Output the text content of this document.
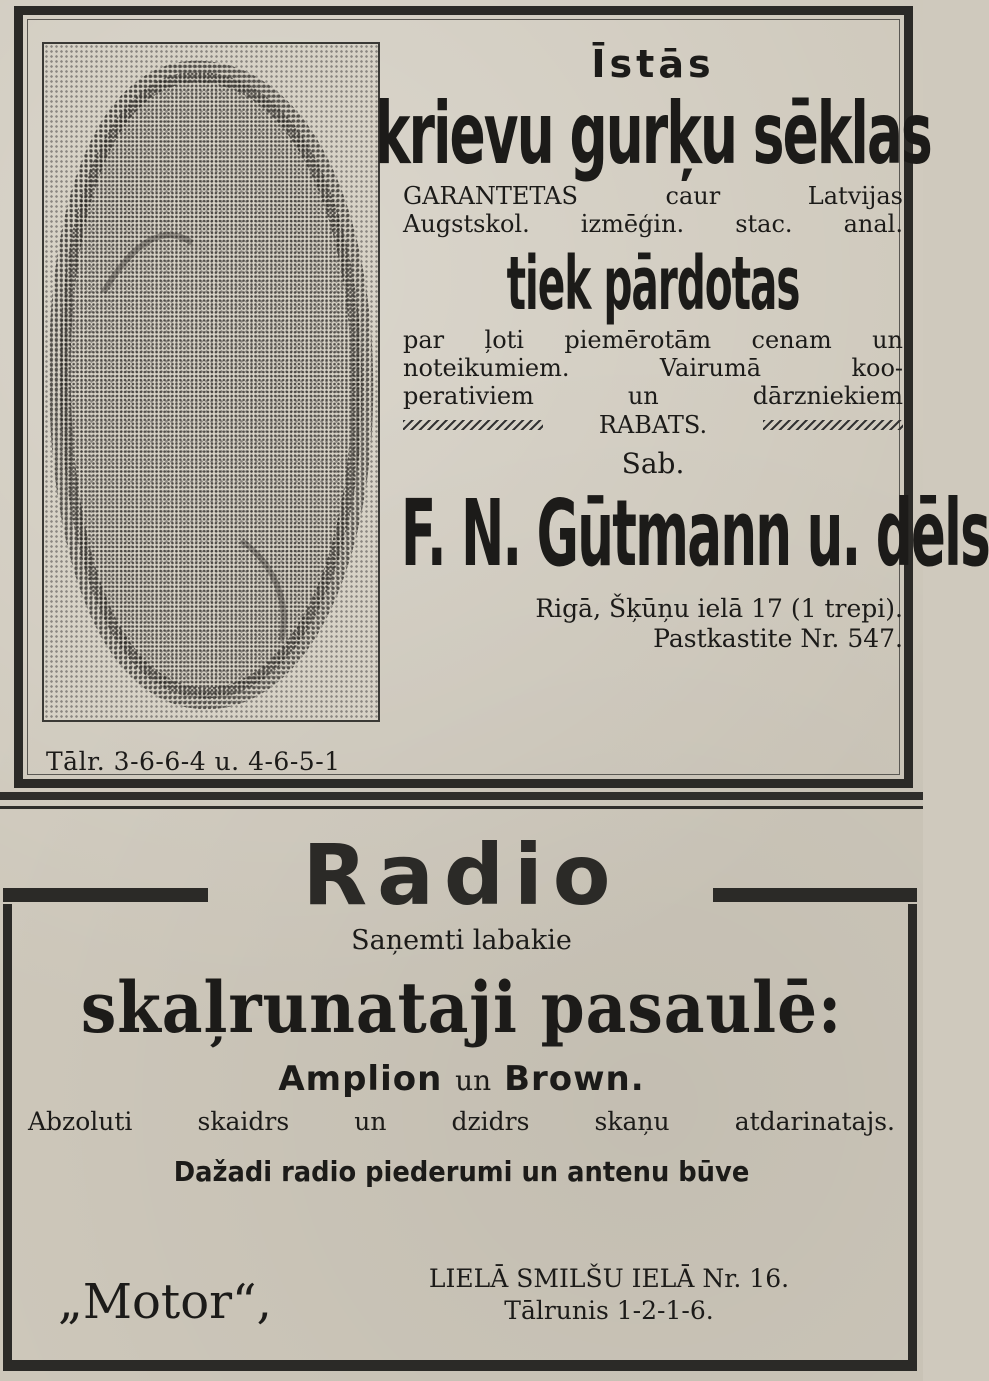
Tālr. 3-6-6-4 u. 4-6-5-1
Īstās
krievu gurķu sēklas
GARANTETAS caur Latvijas
Augstskol. izmēģin. stac. anal.
tiek pārdotas
par ļoti piemērotām cenam un
noteikumiem. Vairumā koo-
perativiem un dārzniekiem
RABATS.
Sab.
F. N. Gūtmann u. dēls
Rigā, Šķūņu ielā 17 (1 trepi).
Pastkastite Nr. 547.
Radio
Saņemti labakie
skaļrunataji pasaulē:
Amplion un Brown.
Abzoluti skaidrs un dzidrs skaņu atdarinatajs.
Dažadi radio piederumi un antenu būve
„Motor“,	LIELĀ SMILŠU IELĀ Nr. 16.
Tālrunis 1-2-1-6.
